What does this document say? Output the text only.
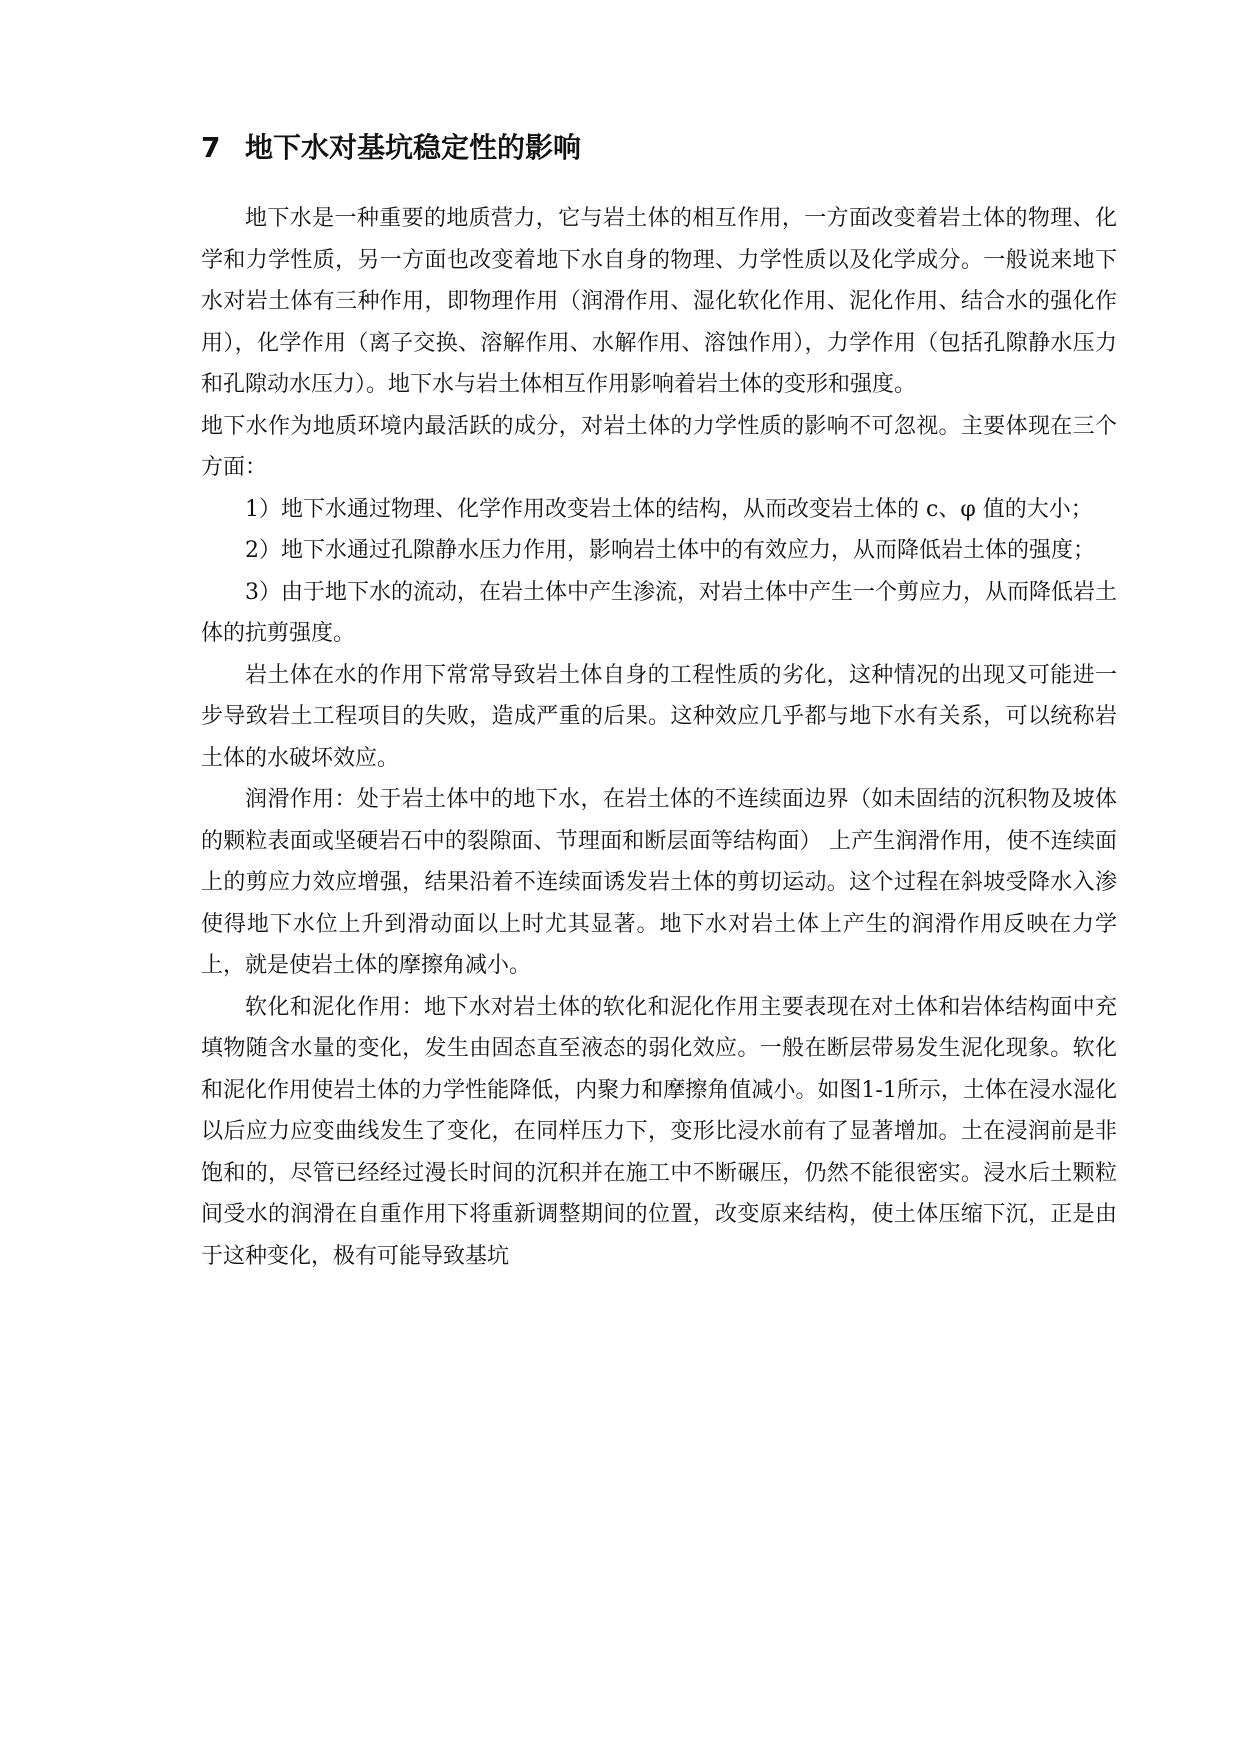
7 地下水对基坑稳定性的影响

地下水是一种重要的地质营力，它与岩土体的相互作用，一方面改变着岩土体的物理、化学和力学性质，另一方面也改变着地下水自身的物理、力学性质以及化学成分。一般说来地下水对岩土体有三种作用，即物理作用（润滑作用、湿化软化作用、泥化作用、结合水的强化作用），化学作用（离子交换、溶解作用、水解作用、溶蚀作用），力学作用（包括孔隙静水压力和孔隙动水压力）。地下水与岩土体相互作用影响着岩土体的变形和强度。

地下水作为地质环境内最活跃的成分，对岩土体的力学性质的影响不可忽视。主要体现在三个方面：

1）地下水通过物理、化学作用改变岩土体的结构，从而改变岩土体的 c、φ 值的大小；

2）地下水通过孔隙静水压力作用，影响岩土体中的有效应力，从而降低岩土体的强度；

3）由于地下水的流动，在岩土体中产生渗流，对岩土体中产生一个剪应力，从而降低岩土体的抗剪强度。

岩土体在水的作用下常常导致岩土体自身的工程性质的劣化，这种情况的出现又可能进一步导致岩土工程项目的失败，造成严重的后果。这种效应几乎都与地下水有关系，可以统称岩土体的水破坏效应。

润滑作用：处于岩土体中的地下水，在岩土体的不连续面边界（如未固结的沉积物及坡体的颗粒表面或坚硬岩石中的裂隙面、节理面和断层面等结构面） 上产生润滑作用，使不连续面上的剪应力效应增强，结果沿着不连续面诱发岩土体的剪切运动。这个过程在斜坡受降水入渗使得地下水位上升到滑动面以上时尤其显著。地下水对岩土体上产生的润滑作用反映在力学上，就是使岩土体的摩擦角减小。

软化和泥化作用：地下水对岩土体的软化和泥化作用主要表现在对土体和岩体结构面中充填物随含水量的变化，发生由固态直至液态的弱化效应。一般在断层带易发生泥化现象。软化和泥化作用使岩土体的力学性能降低，内聚力和摩擦角值减小。如图1-1所示，土体在浸水湿化以后应力应变曲线发生了变化，在同样压力下，变形比浸水前有了显著增加。土在浸润前是非饱和的，尽管已经经过漫长时间的沉积并在施工中不断碾压，仍然不能很密实。浸水后土颗粒间受水的润滑在自重作用下将重新调整期间的位置，改变原来结构，使土体压缩下沉，正是由于这种变化，极有可能导致基坑
